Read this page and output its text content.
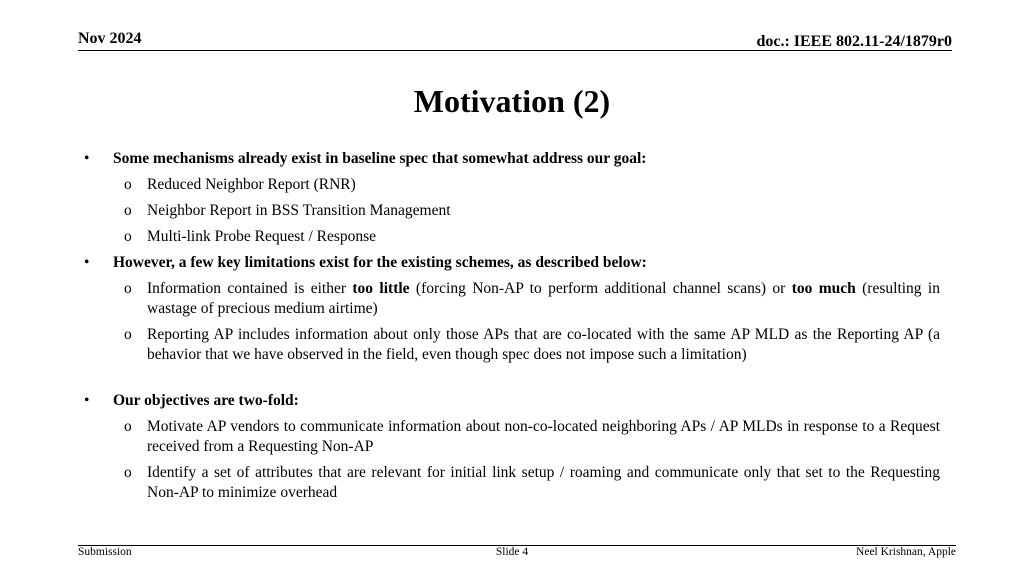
Nov 2024	doc.: IEEE 802.11-24/1879r0
Motivation (2)
• Some mechanisms already exist in baseline spec that somewhat address our goal:
o Reduced Neighbor Report (RNR)
o Neighbor Report in BSS Transition Management
o Multi-link Probe Request / Response
• However, a few key limitations exist for the existing schemes, as described below:
o Information contained is either too little (forcing Non-AP to perform additional channel scans) or too much (resulting in wastage of precious medium airtime)
o Reporting AP includes information about only those APs that are co-located with the same AP MLD as the Reporting AP (a behavior that we have observed in the field, even though spec does not impose such a limitation)
• Our objectives are two-fold:
o Motivate AP vendors to communicate information about non-co-located neighboring APs / AP MLDs in response to a Request received from a Requesting Non-AP
o Identify a set of attributes that are relevant for initial link setup / roaming and communicate only that set to the Requesting Non-AP to minimize overhead
Submission	Slide 4	Neel Krishnan, Apple
